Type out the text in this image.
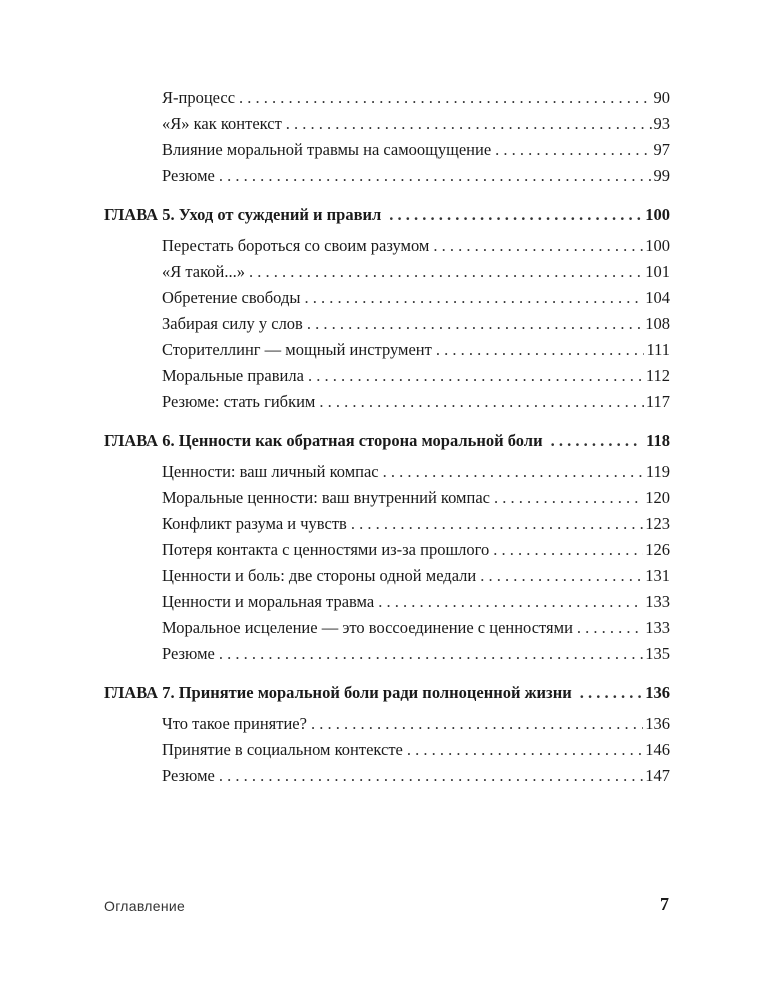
Я-процесс . . .	90
«Я» как контекст . . .	93
Влияние моральной травмы на самоощущение . . .	97
Резюме . . .	99
ГЛАВА 5. Уход от суждений и правил . . .	100
Перестать бороться со своим разумом . . .	100
«Я такой...» . . .	101
Обретение свободы . . .	104
Забирая силу у слов . . .	108
Сторителлинг — мощный инструмент . . .	111
Моральные правила . . .	112
Резюме: стать гибким . . .	117
ГЛАВА 6. Ценности как обратная сторона моральной боли . . .	118
Ценности: ваш личный компас . . .	119
Моральные ценности: ваш внутренний компас . . .	120
Конфликт разума и чувств . . .	123
Потеря контакта с ценностями из-за прошлого . . .	126
Ценности и боль: две стороны одной медали . . .	131
Ценности и моральная травма . . .	133
Моральное исцеление — это воссоединение с ценностями . . .	133
Резюме . . .	135
ГЛАВА 7. Принятие моральной боли ради полноценной жизни . . .	136
Что такое принятие? . . .	136
Принятие в социальном контексте . . .	146
Резюме . . .	147
Оглавление	7
